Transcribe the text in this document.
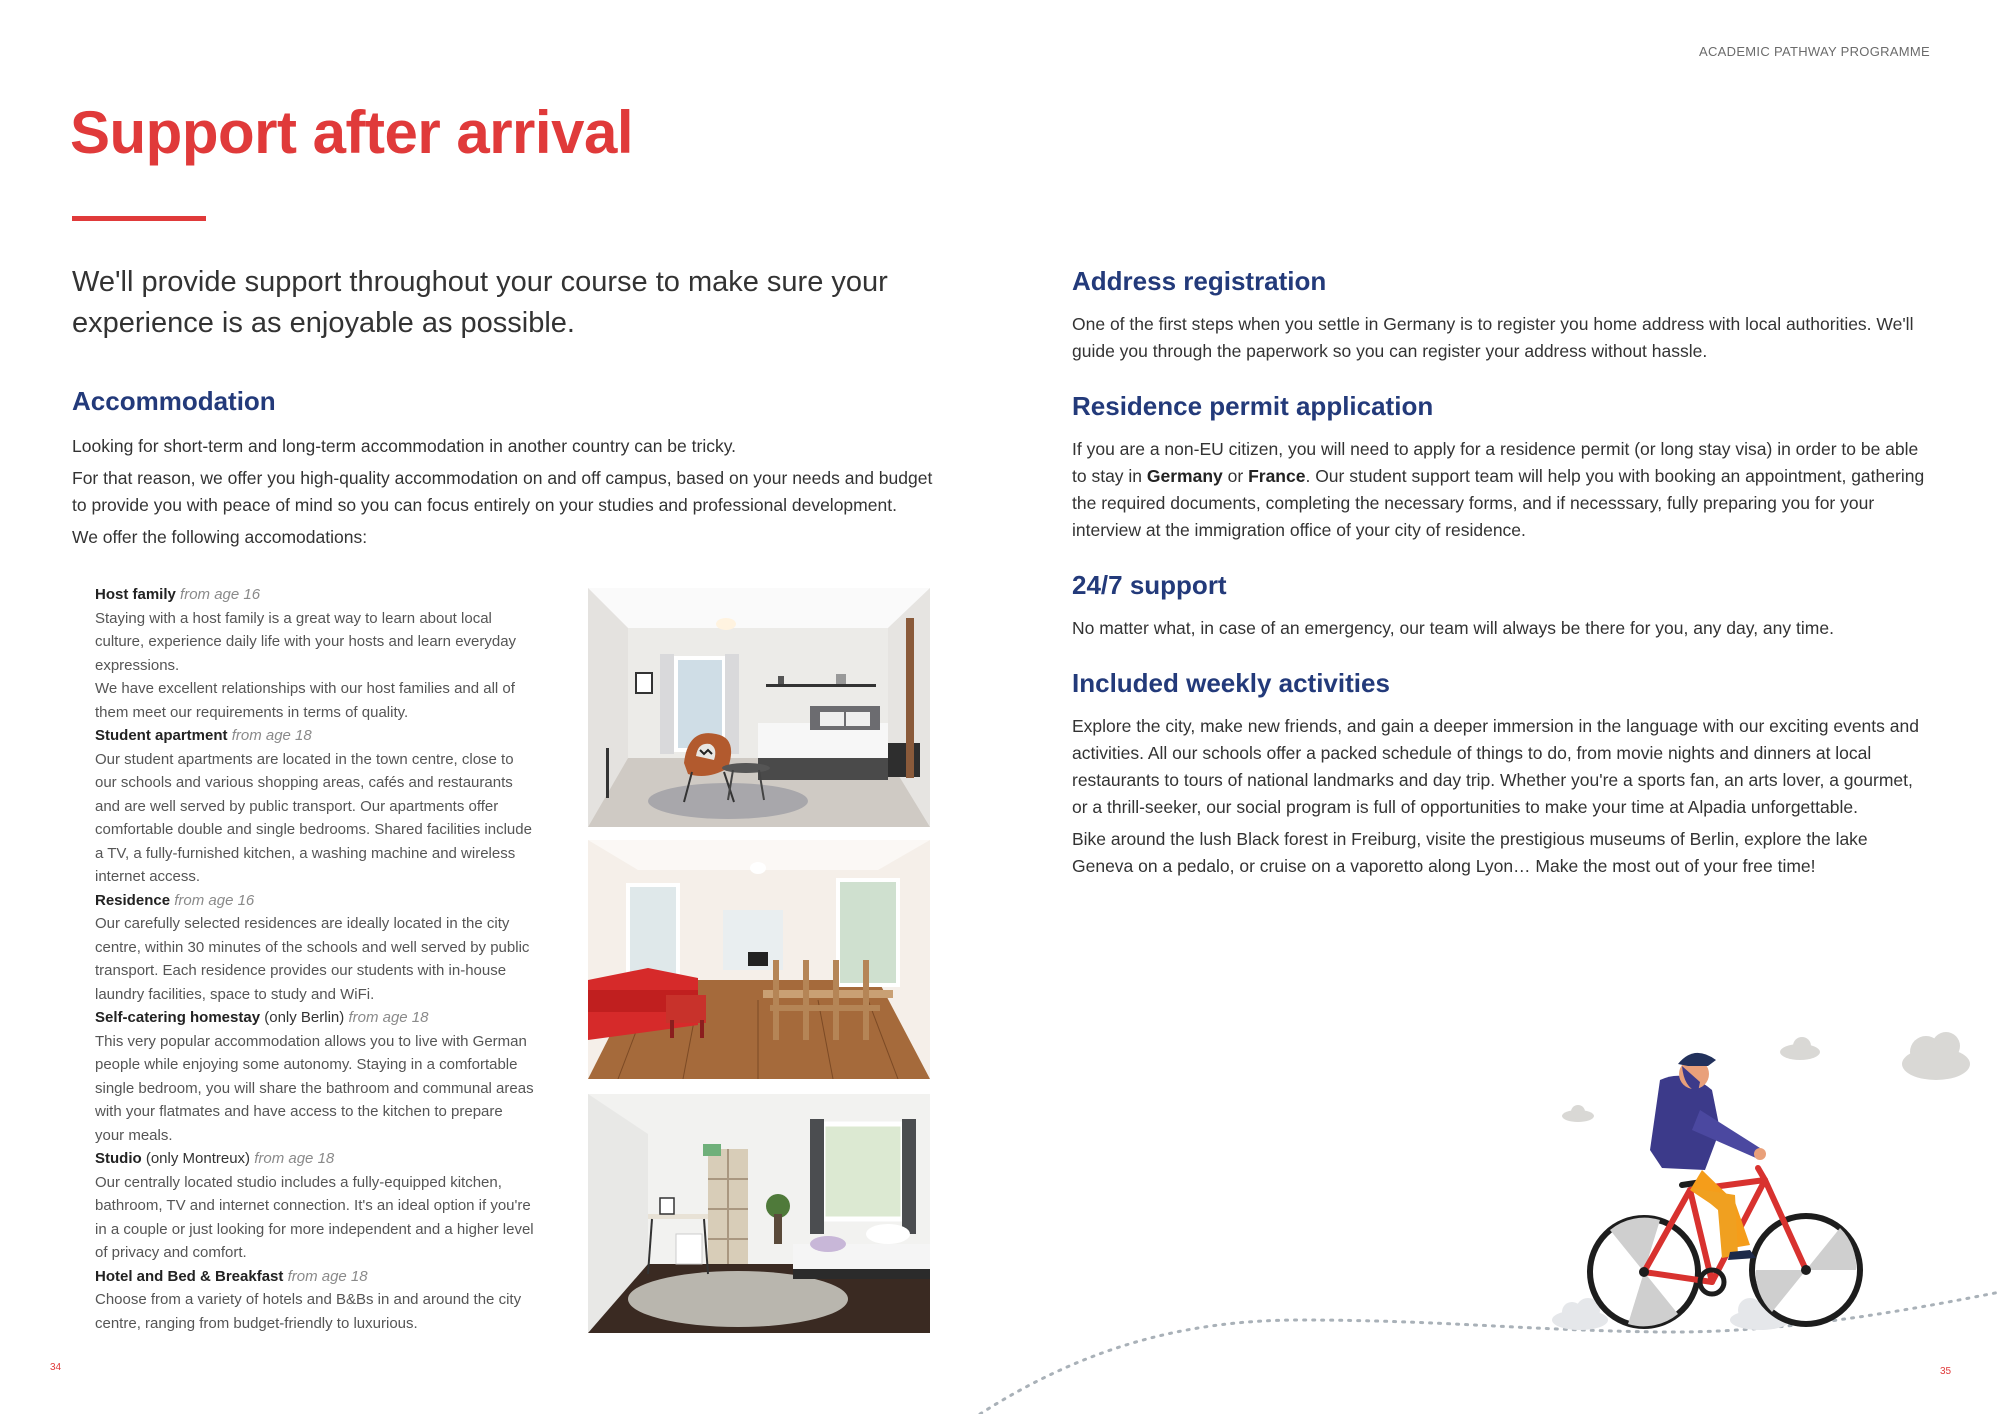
ACADEMIC PATHWAY PROGRAMME
Support after arrival

We'll provide support throughout your course to make sure your experience is as enjoyable as possible.

Accommodation

Looking for short-term and long-term accommodation in another country can be tricky.

For that reason, we offer you high-quality accommodation on and off campus, based on your needs and budget to provide you with peace of mind so you can focus entirely on your studies and professional development.

We offer the following accomodations:

Host family from age 16

Staying with a host family is a great way to learn about local culture, experience daily life with your hosts and learn everyday expressions.

We have excellent relationships with our host families and all of them meet our requirements in terms of quality.

Student apartment from age 18

Our student apartments are located in the town centre, close to our schools and various shopping areas, cafés and restaurants and are well served by public transport. Our apartments offer comfortable double and single bedrooms. Shared facilities include a TV, a fully-furnished kitchen, a washing machine and wireless internet access.

Residence from age 16

Our carefully selected residences are ideally located in the city centre, within 30 minutes of the schools and well served by public transport. Each residence provides our students with in-house laundry facilities, space to study and WiFi.

Self-catering homestay (only Berlin) from age 18

This very popular accommodation allows you to live with German people while enjoying some autonomy. Staying in a comfortable single bedroom, you will share the bathroom and communal areas with your flatmates and have access to the kitchen to prepare your meals.

Studio (only Montreux) from age 18

Our centrally located studio includes a fully-equipped kitchen, bathroom, TV and internet connection. It's an ideal option if you're in a couple or just looking for more independent and a higher level of privacy and comfort.

Hotel and Bed & Breakfast from age 18

Choose from a variety of hotels and B&Bs in and around the city centre, ranging from budget-friendly to luxurious.

Address registration

One of the first steps when you settle in Germany is to register you home address with local authorities. We'll guide you through the paperwork so you can register your address without hassle.

Residence permit application

If you are a non-EU citizen, you will need to apply for a residence permit (or long stay visa) in order to be able to stay in Germany or France. Our student support team will help you with booking an appointment, gathering the required documents, completing the necessary forms, and if necesssary, fully preparing you for your interview at the immigration office of your city of residence.

24/7 support

No matter what, in case of an emergency, our team will always be there for you, any day, any time.

Included weekly activities

Explore the city, make new friends, and gain a deeper immersion in the language with our exciting events and activities. All our schools offer a packed schedule of things to do, from movie nights and dinners at local restaurants to tours of national landmarks and day trip. Whether you're a sports fan, an arts lover, a gourmet, or a thrill-seeker, our social program is full of opportunities to make your time at Alpadia unforgettable.

Bike around the lush Black forest in Freiburg, visite the prestigious museums of Berlin, explore the lake Geneva on a pedalo, or cruise on a vaporetto along Lyon… Make the most out of your free time!

34	35
